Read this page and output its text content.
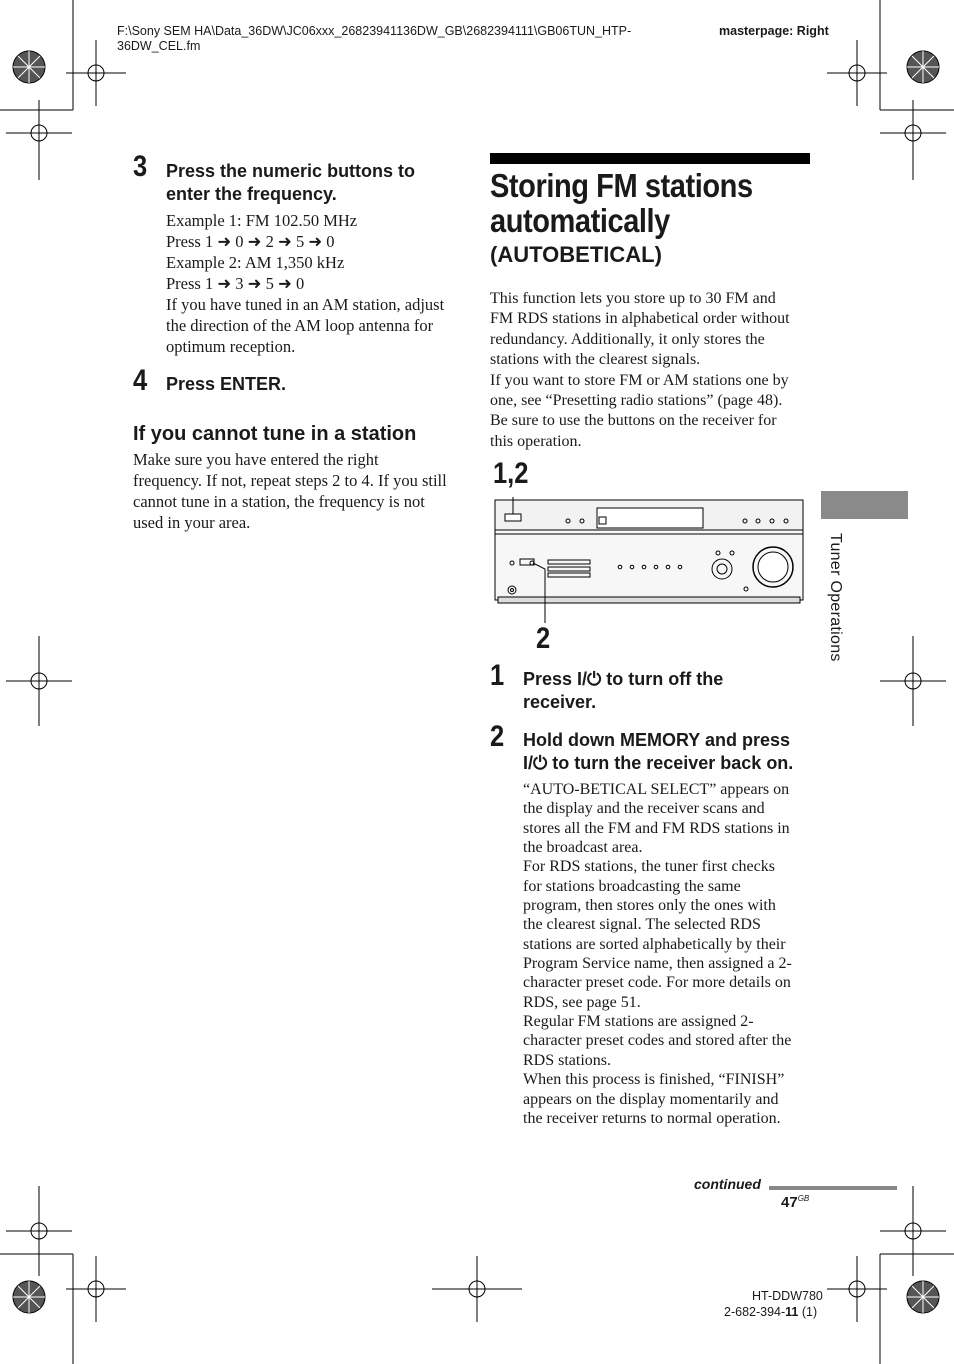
F:\Sony SEM HA\Data_36DW\JC06xxx_26823941136DW_GB\2682394111\GB06TUN_HTP-
36DW_CEL.fm
masterpage: Right
3 Press the numeric buttons to
enter the frequency.

Example 1: FM 102.50 MHz

Press 1 ➜ 0 ➜ 2 ➜ 5 ➜ 0

Example 2: AM 1,350 kHz

Press 1 ➜ 3 ➜ 5 ➜ 0

If you have tuned in an AM station, adjust

the direction of the AM loop antenna for

optimum reception.

4 Press ENTER.
If you cannot tune in a station

Make sure you have entered the right

frequency. If not, repeat steps 2 to 4. If you still

cannot tune in a station, the frequency is not

used in your area.

Storing FM stations
automatically
(AUTOBETICAL)

This function lets you store up to 30 FM and

FM RDS stations in alphabetical order without

redundancy. Additionally, it only stores the

stations with the clearest signals.

If you want to store FM or AM stations one by

one, see “Presetting radio stations” (page 48).

Be sure to use the buttons on the receiver for

this operation.

1,2
2
1 Press I/⏻ to turn off the
receiver.
2 Hold down MEMORY and press
I/⏻ to turn the receiver back on.

“AUTO-BETICAL SELECT” appears on

the display and the receiver scans and

stores all the FM and FM RDS stations in

the broadcast area.

For RDS stations, the tuner first checks

for stations broadcasting the same

program, then stores only the ones with

the clearest signal. The selected RDS

stations are sorted alphabetically by their

Program Service name, then assigned a 2-

character preset code. For more details on

RDS, see page 51.

Regular FM stations are assigned 2-

character preset codes and stored after the

RDS stations.

When this process is finished, “FINISH”

appears on the display momentarily and

the receiver returns to normal operation.

Tuner Operations
continued
$47^{GB}$
HT-DDW780
2-682-394-11 (1)
